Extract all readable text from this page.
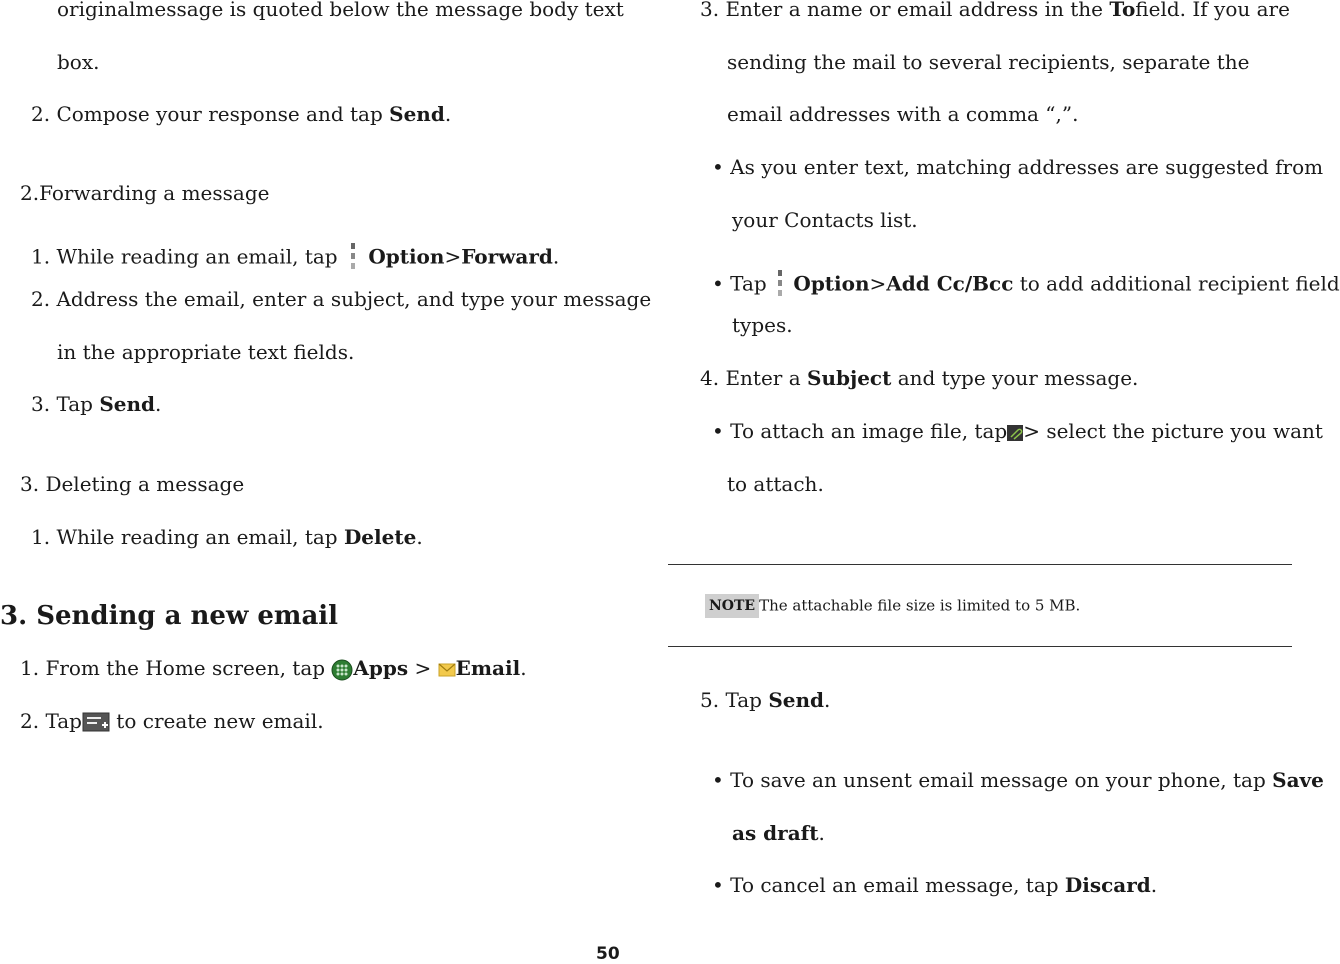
originalmessage is quoted below the message body text
box.
2. Compose your response and tap Send.
2.Forwarding a message
1. While reading an email, tap
Option>Forward.
2. Address the email, enter a subject, and type your message
in the appropriate text fields.
3. Tap Send.
3. Deleting a message
1. While reading an email, tap Delete.
3. Sending a new email
1. From the Home screen, tap
Apps > Email.
2. Tap
to create new email.
3. Enter a name or email address in the Tofield. If you are
sending the mail to several recipients, separate the
email addresses with a comma “,”.
• As you enter text, matching addresses are suggested from
your Contacts list.
• Tap
Option>Add Cc/Bcc to add additional recipient field
types.
4. Enter a Subject and type your message.
• To attach an image file, tap > select the picture you want
to attach.
NOTE The attachable file size is limited to 5 MB.
5. Tap Send.
• To save an unsent email message on your phone, tap Save
as draft.
• To cancel an email message, tap Discard.
50
